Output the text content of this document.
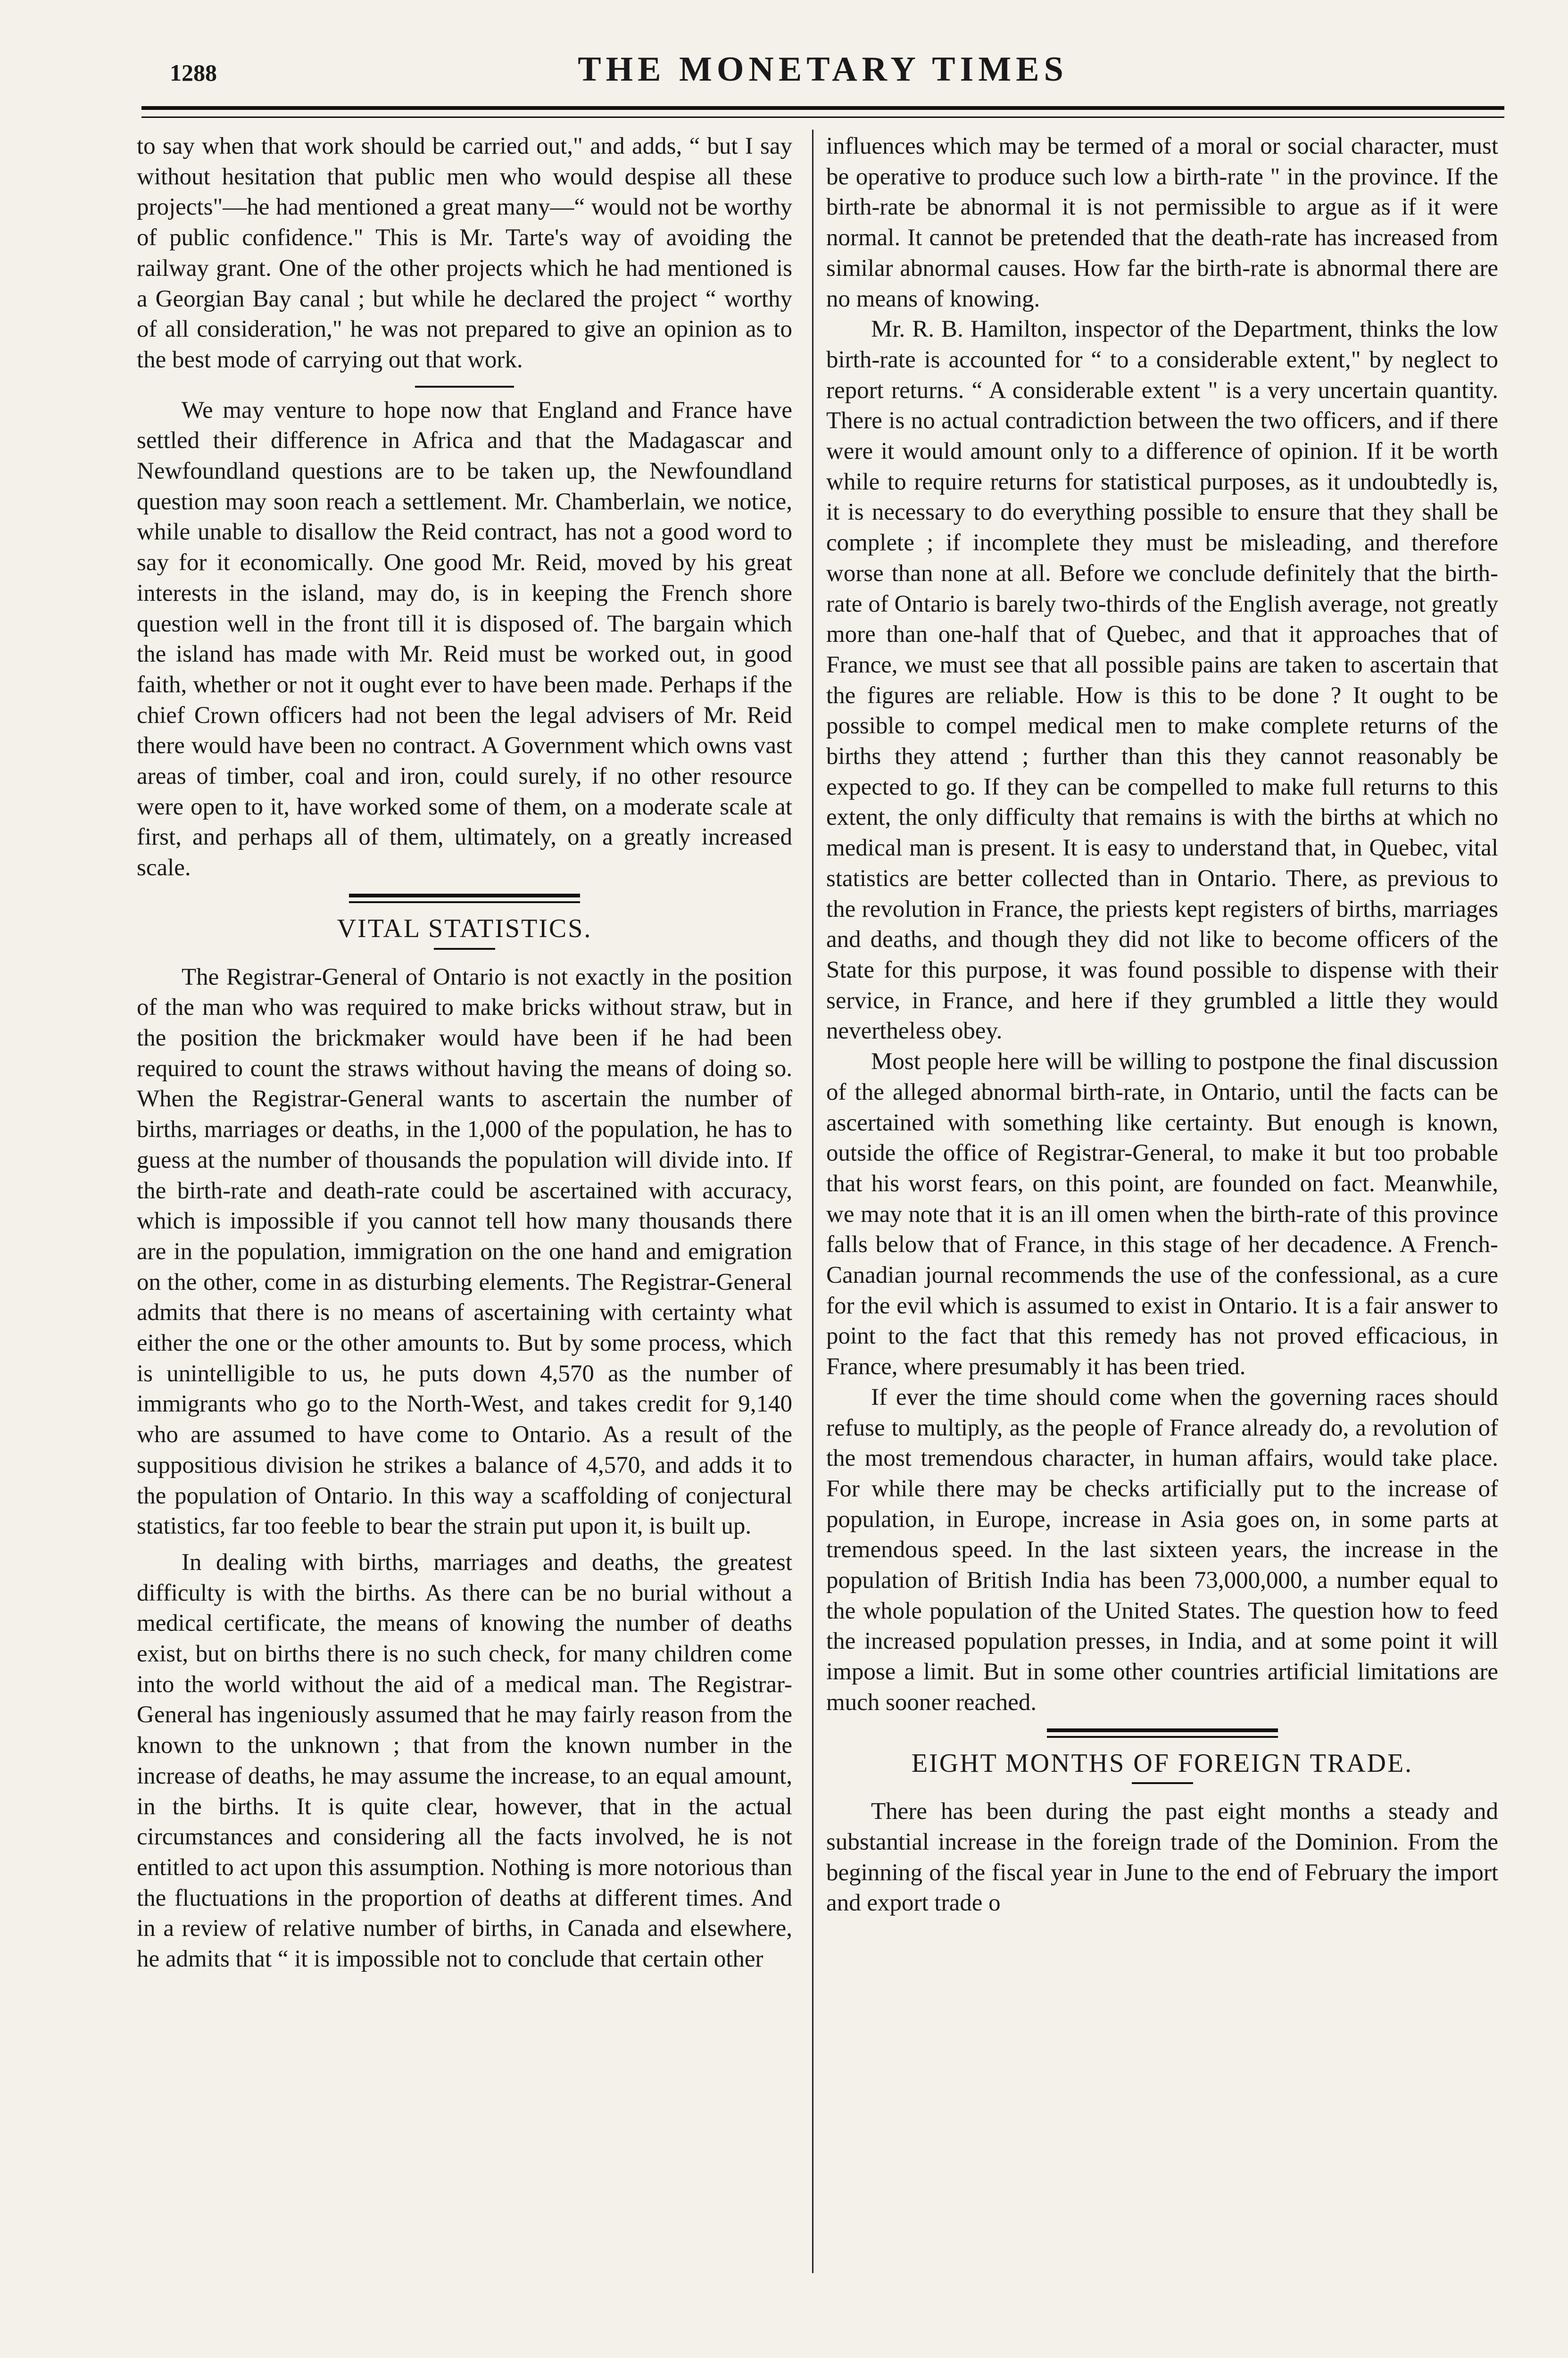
1288	THE MONETARY TIMES

to say when that work should be carried out," and adds, “ but I say without hesitation that public men who would despise all these projects"—he had mentioned a great many—“ would not be worthy of public confidence." This is Mr. Tarte's way of avoiding the railway grant. One of the other projects which he had mentioned is a Georgian Bay canal ; but while he declared the project “ worthy of all consideration," he was not prepared to give an opinion as to the best mode of carrying out that work.

We may venture to hope now that England and France have settled their difference in Africa and that the Madagascar and Newfoundland questions are to be taken up, the Newfoundland question may soon reach a settlement. Mr. Chamberlain, we notice, while unable to disallow the Reid contract, has not a good word to say for it economically. One good Mr. Reid, moved by his great interests in the island, may do, is in keeping the French shore question well in the front till it is disposed of. The bargain which the island has made with Mr. Reid must be worked out, in good faith, whether or not it ought ever to have been made. Perhaps if the chief Crown officers had not been the legal advisers of Mr. Reid there would have been no contract. A Government which owns vast areas of timber, coal and iron, could surely, if no other resource were open to it, have worked some of them, on a moderate scale at first, and perhaps all of them, ultimately, on a greatly increased scale.

VITAL STATISTICS.

The Registrar-General of Ontario is not exactly in the position of the man who was required to make bricks without straw, but in the position the brickmaker would have been if he had been required to count the straws without having the means of doing so. When the Registrar-General wants to ascertain the number of births, marriages or deaths, in the 1,000 of the population, he has to guess at the number of thousands the population will divide into. If the birth-rate and death-rate could be ascertained with accuracy, which is impossible if you cannot tell how many thousands there are in the population, immigration on the one hand and emigration on the other, come in as disturbing elements. The Registrar-General admits that there is no means of ascertaining with certainty what either the one or the other amounts to. But by some process, which is unintelligible to us, he puts down 4,570 as the number of immigrants who go to the North-West, and takes credit for 9,140 who are assumed to have come to Ontario. As a result of the suppositious division he strikes a balance of 4,570, and adds it to the population of Ontario. In this way a scaffolding of conjectural statistics, far too feeble to bear the strain put upon it, is built up.

In dealing with births, marriages and deaths, the greatest difficulty is with the births. As there can be no burial without a medical certificate, the means of knowing the number of deaths exist, but on births there is no such check, for many children come into the world without the aid of a medical man. The Registrar-General has ingeniously assumed that he may fairly reason from the known to the unknown ; that from the known number in the increase of deaths, he may assume the increase, to an equal amount, in the births. It is quite clear, however, that in the actual circumstances and considering all the facts involved, he is not entitled to act upon this assumption. Nothing is more notorious than the fluctuations in the proportion of deaths at different times. And in a review of relative number of births, in Canada and elsewhere, he admits that “ it is impossible not to conclude that certain other

influences which may be termed of a moral or social character, must be operative to produce such low a birth-rate " in the province. If the birth-rate be abnormal it is not permissible to argue as if it were normal. It cannot be pretended that the death-rate has increased from similar abnormal causes. How far the birth-rate is abnormal there are no means of knowing.

Mr. R. B. Hamilton, inspector of the Department, thinks the low birth-rate is accounted for “ to a considerable extent," by neglect to report returns. “ A considerable extent " is a very uncertain quantity. There is no actual contradiction between the two officers, and if there were it would amount only to a difference of opinion. If it be worth while to require returns for statistical purposes, as it undoubtedly is, it is necessary to do everything possible to ensure that they shall be complete ; if incomplete they must be misleading, and therefore worse than none at all. Before we conclude definitely that the birth-rate of Ontario is barely two-thirds of the English average, not greatly more than one-half that of Quebec, and that it approaches that of France, we must see that all possible pains are taken to ascertain that the figures are reliable. How is this to be done ? It ought to be possible to compel medical men to make complete returns of the births they attend ; further than this they cannot reasonably be expected to go. If they can be compelled to make full returns to this extent, the only difficulty that remains is with the births at which no medical man is present. It is easy to understand that, in Quebec, vital statistics are better collected than in Ontario. There, as previous to the revolution in France, the priests kept registers of births, marriages and deaths, and though they did not like to become officers of the State for this purpose, it was found possible to dispense with their service, in France, and here if they grumbled a little they would nevertheless obey.

Most people here will be willing to postpone the final discussion of the alleged abnormal birth-rate, in Ontario, until the facts can be ascertained with something like certainty. But enough is known, outside the office of Registrar-General, to make it but too probable that his worst fears, on this point, are founded on fact. Meanwhile, we may note that it is an ill omen when the birth-rate of this province falls below that of France, in this stage of her decadence. A French-Canadian journal recommends the use of the confessional, as a cure for the evil which is assumed to exist in Ontario. It is a fair answer to point to the fact that this remedy has not proved efficacious, in France, where presumably it has been tried.

If ever the time should come when the governing races should refuse to multiply, as the people of France already do, a revolution of the most tremendous character, in human affairs, would take place. For while there may be checks artificially put to the increase of population, in Europe, increase in Asia goes on, in some parts at tremendous speed. In the last sixteen years, the increase in the population of British India has been 73,000,000, a number equal to the whole population of the United States. The question how to feed the increased population presses, in India, and at some point it will impose a limit. But in some other countries artificial limitations are much sooner reached.

EIGHT MONTHS OF FOREIGN TRADE.

There has been during the past eight months a steady and substantial increase in the foreign trade of the Dominion. From the beginning of the fiscal year in June to the end of February the import and export trade o
